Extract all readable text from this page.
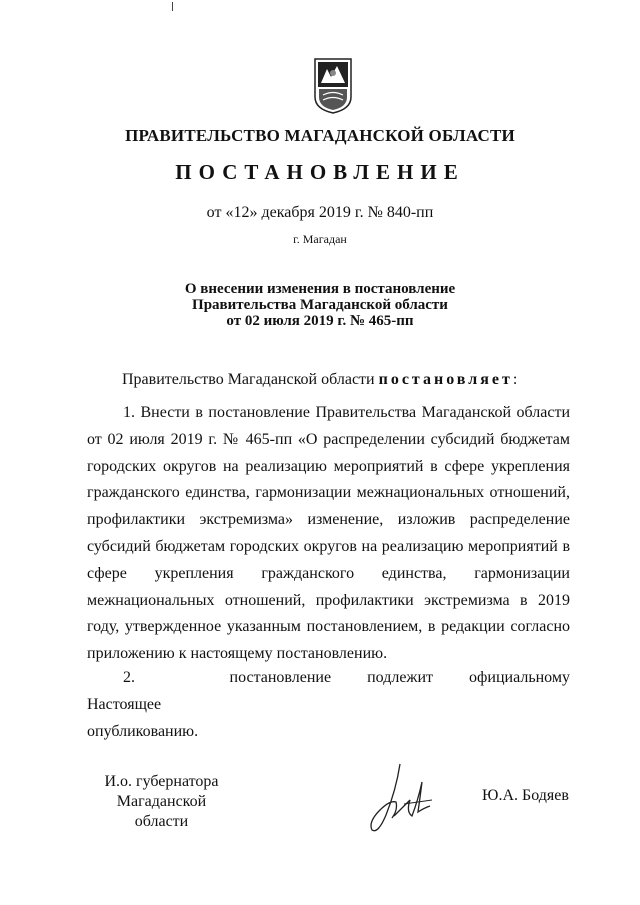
ПРАВИТЕЛЬСТВО МАГАДАНСКОЙ ОБЛАСТИ
ПОСТАНОВЛЕНИЕ
от «12» декабря 2019 г. № 840-пп
г. Магадан
О внесении изменения в постановление
Правительства Магаданской области
от 02 июля 2019 г. № 465-пп
Правительство Магаданской области постановляет:
1. Внести в постановление Правительства Магаданской области от 02 июля 2019 г. № 465-пп «О распределении субсидий бюджетам городских округов на реализацию мероприятий в сфере укрепления гражданского единства, гармонизации межнациональных отношений, профилактики экстремизма» изменение, изложив распределение субсидий бюджетам городских округов на реализацию мероприятий в сфере укрепления гражданского единства, гармонизации межнациональных отношений, профилактики экстремизма в 2019 году, утвержденное указанным постановлением, в редакции согласно приложению к настоящему постановлению.
2. Настоящее
постановление	подлежит	официальному
опубликованию.
И.о. губернатора
Магаданской области
Ю.А. Бодяев
